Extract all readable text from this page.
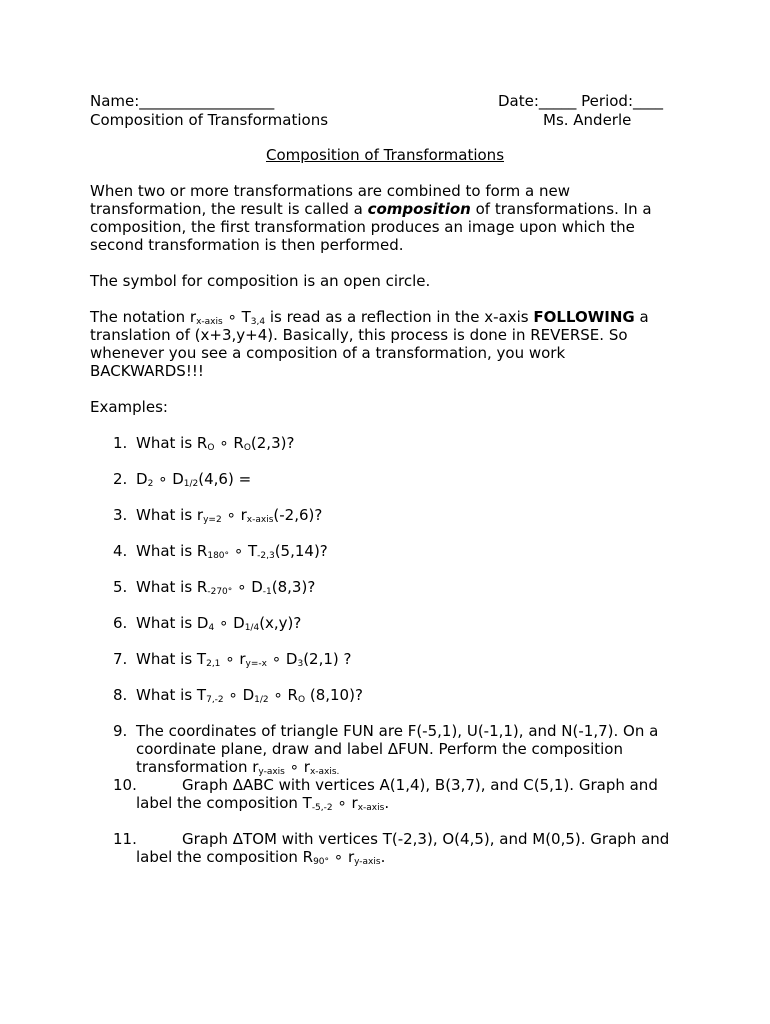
Name:__________________	Date:_____ Period:____
Composition of Transformations	Ms. Anderle
Composition of Transformations

When two or more transformations are combined to form a new transformation, the result is called a composition of transformations. In a composition, the first transformation produces an image upon which the second transformation is then performed.

The symbol for composition is an open circle.

The notation $r_{x-axis}$ ∘ $T_{3,4}$ is read as a reflection in the x-axis FOLLOWING a translation of (x+3,y+4). Basically, this process is done in REVERSE. So whenever you see a composition of a transformation, you work BACKWARDS!!!

Examples:

1. What is $R_O$ ∘ $R_O(2,3)$?
2. $D_2$ ∘ $D_{1/2}(4,6)$ =
3. What is $r_{y=2}$ ∘ $r_{x-axis}(-2,6)$?
4. What is $R_{180^\circ}$ ∘ $T_{-2,3}(5,14)$?
5. What is $R_{-270^\circ}$ ∘ $D_{-1}(8,3)$?
6. What is $D_4$ ∘ $D_{1/4}(x,y)$?
7. What is $T_{2,1}$ ∘ $r_{y=-x}$ ∘ $D_3(2,1)$ ?
8. What is $T_{7,-2}$ ∘ $D_{1/2}$ ∘ $R_O$ (8,10)?
9. The coordinates of triangle FUN are F(-5,1), U(-1,1), and N(-1,7). On a coordinate plane, draw and label ΔFUN. Perform the composition transformation $r_{y-axis}$ ∘ $r_{x-axis.}$
10.	Graph ΔABC with vertices A(1,4), B(3,7), and C(5,1). Graph and label the composition $T_{-5,-2}$ ∘ $r_{x-axis}$.
11.	Graph ΔTOM with vertices T(-2,3), O(4,5), and M(0,5). Graph and label the composition $R_{90^\circ}$ ∘ $r_{y-axis}$.
